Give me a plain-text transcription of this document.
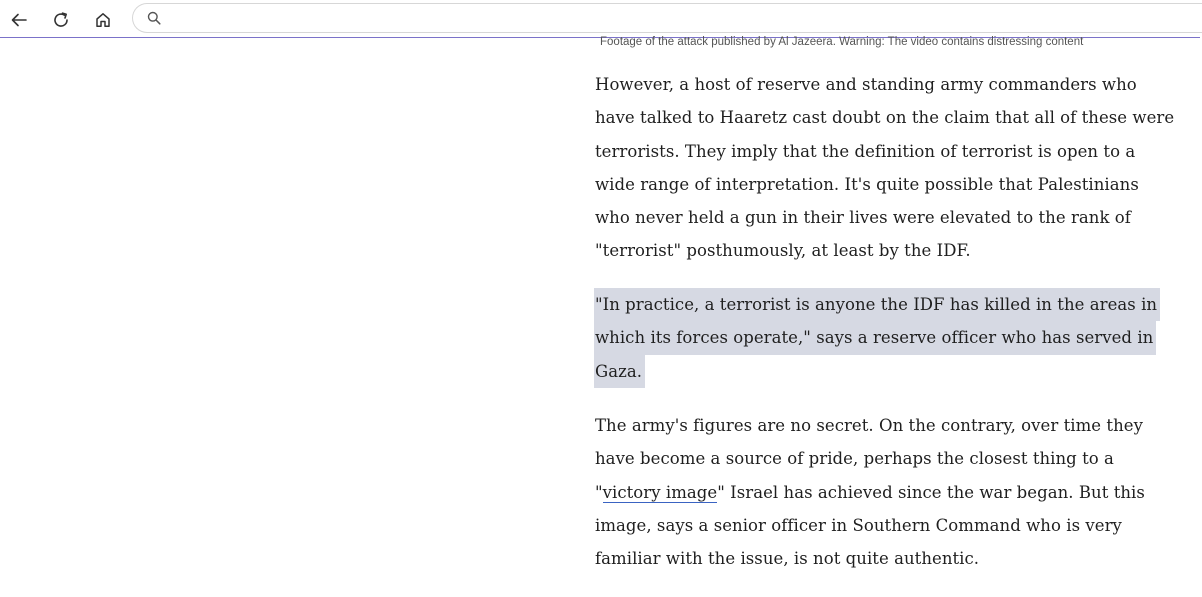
Footage of the attack published by Al Jazeera. Warning: The video contains distressing content

However, a host of reserve and standing army commanders who
have talked to Haaretz cast doubt on the claim that all of these were
terrorists. They imply that the definition of terrorist is open to a
wide range of interpretation. It's quite possible that Palestinians
who never held a gun in their lives were elevated to the rank of
"terrorist" posthumously, at least by the IDF.

"In practice, a terrorist is anyone the IDF has killed in the areas in
which its forces operate," says a reserve officer who has served in
Gaza.

The army's figures are no secret. On the contrary, over time they
have become a source of pride, perhaps the closest thing to a
"victory image" Israel has achieved since the war began. But this
image, says a senior officer in Southern Command who is very
familiar with the issue, is not quite authentic.
